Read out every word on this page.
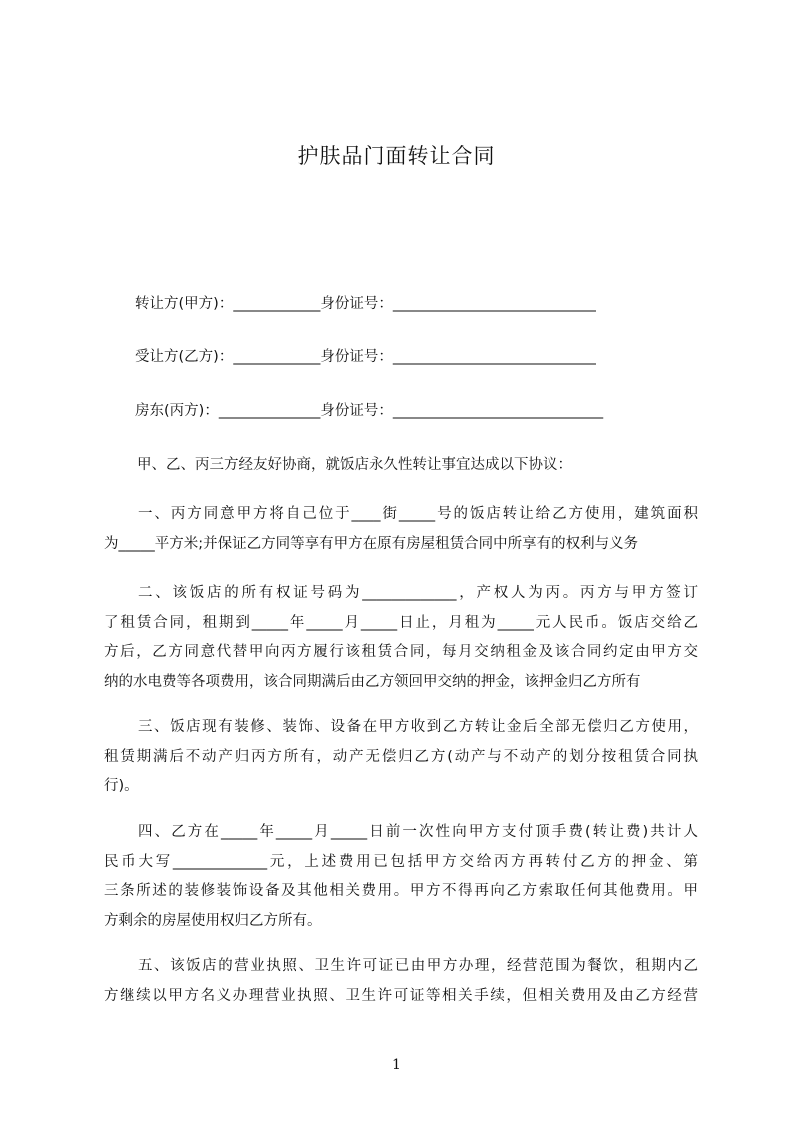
护肤品门面转让合同
转让方(甲方)：____________身份证号：____________________________
受让方(乙方)：____________身份证号：____________________________
房东(丙方)：______________身份证号：_____________________________
甲、乙、丙三方经友好协商，就饭店永久性转让事宜达成以下协议：
一、丙方同意甲方将自己位于____街_____号的饭店转让给乙方使用，建筑面积
为_____平方米;并保证乙方同等享有甲方在原有房屋租赁合同中所享有的权利与义务
二、该饭店的所有权证号码为_____________，产权人为丙。丙方与甲方签订
了租赁合同，租期到_____年_____月_____日止，月租为_____元人民币。饭店交给乙
方后，乙方同意代替甲向丙方履行该租赁合同，每月交纳租金及该合同约定由甲方交
纳的水电费等各项费用，该合同期满后由乙方领回甲交纳的押金，该押金归乙方所有
三、饭店现有装修、装饰、设备在甲方收到乙方转让金后全部无偿归乙方使用，
租赁期满后不动产归丙方所有，动产无偿归乙方(动产与不动产的划分按租赁合同执
行)。
四、乙方在_____年_____月_____日前一次性向甲方支付顶手费(转让费)共计人
民币大写_____________元，上述费用已包括甲方交给丙方再转付乙方的押金、第
三条所述的装修装饰设备及其他相关费用。甲方不得再向乙方索取任何其他费用。甲
方剩余的房屋使用权归乙方所有。
五、该饭店的营业执照、卫生许可证已由甲方办理，经营范围为餐饮，租期内乙
方继续以甲方名义办理营业执照、卫生许可证等相关手续，但相关费用及由乙方经营
1
